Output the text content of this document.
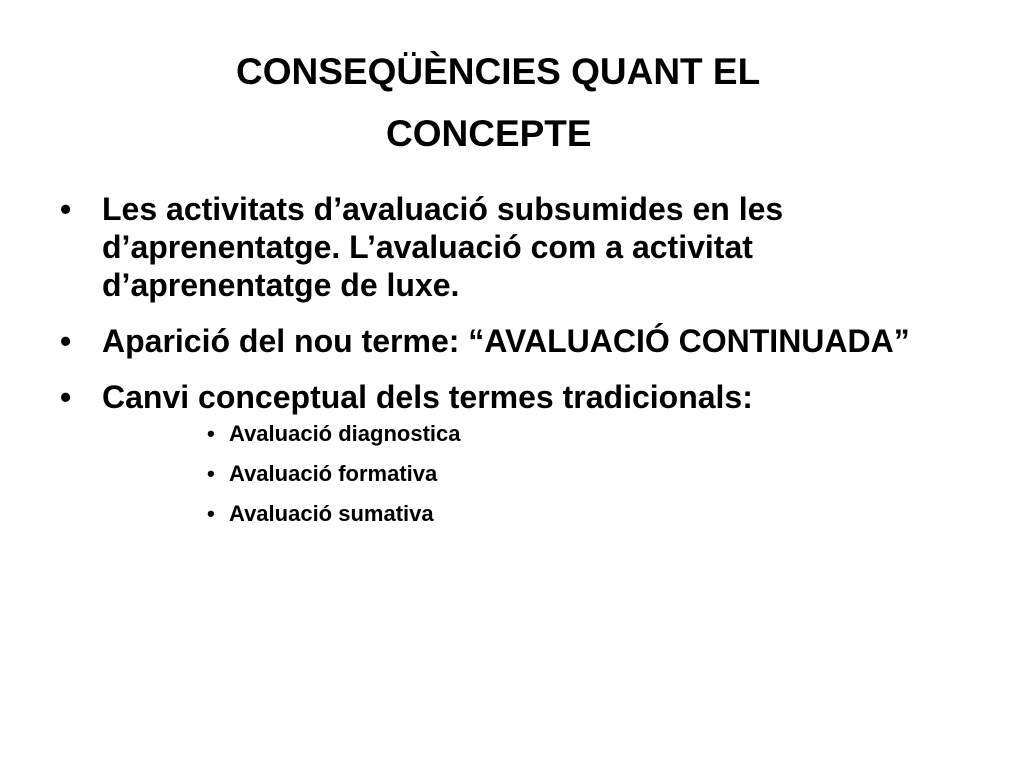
CONSEQÜÈNCIES QUANT EL
CONCEPTE
• Les activitats d’avaluació subsumides en les d’aprenentatge. L’avaluació com a activitat d’aprenentatge de luxe.
• Aparició del nou terme: “AVALUACIÓ CONTINUADA”
• Canvi conceptual dels termes tradicionals:
• Avaluació diagnostica
• Avaluació formativa
• Avaluació sumativa
